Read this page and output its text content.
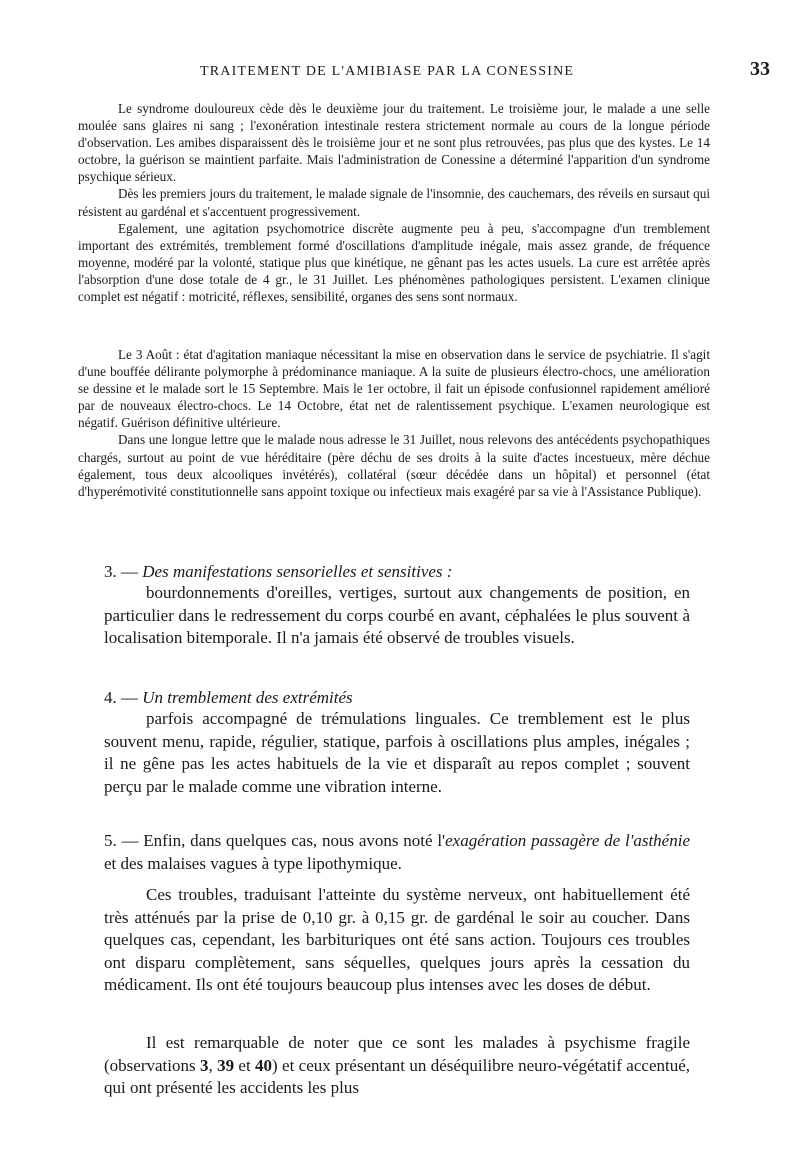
TRAITEMENT DE L'AMIBIASE PAR LA CONESSINE	33

Le syndrome douloureux cède dès le deuxième jour du traitement. Le troisième jour, le malade a une selle moulée sans glaires ni sang ; l'exonération intestinale restera strictement normale au cours de la longue période d'observation. Les amibes disparaissent dès le troisième jour et ne sont plus retrouvées, pas plus que des kystes. Le 14 octobre, la guérison se maintient parfaite. Mais l'administration de Conessine a déterminé l'apparition d'un syndrome psychique sérieux.

Dès les premiers jours du traitement, le malade signale de l'insomnie, des cauchemars, des réveils en sursaut qui résistent au gardénal et s'accentuent progressivement.

Egalement, une agitation psychomotrice discrète augmente peu à peu, s'accompagne d'un tremblement important des extrémités, tremblement formé d'oscillations d'amplitude inégale, mais assez grande, de fréquence moyenne, modéré par la volonté, statique plus que kinétique, ne gênant pas les actes usuels. La cure est arrêtée après l'absorption d'une dose totale de 4 gr., le 31 Juillet. Les phénomènes pathologiques persistent. L'examen clinique complet est négatif : motricité, réflexes, sensibilité, organes des sens sont normaux.

Le 3 Août : état d'agitation maniaque nécessitant la mise en observation dans le service de psychiatrie. Il s'agit d'une bouffée délirante polymorphe à prédominance maniaque. A la suite de plusieurs électro-chocs, une amélioration se dessine et le malade sort le 15 Septembre. Mais le 1er octobre, il fait un épisode confusionnel rapidement amélioré par de nouveaux électro-chocs. Le 14 Octobre, état net de ralentissement psychique. L'examen neurologique est négatif. Guérison définitive ultérieure.

Dans une longue lettre que le malade nous adresse le 31 Juillet, nous relevons des antécédents psychopathiques chargés, surtout au point de vue héréditaire (père déchu de ses droits à la suite d'actes incestueux, mère déchue également, tous deux alcooliques invétérés), collatéral (sœur décédée dans un hôpital) et personnel (état d'hyperémotivité constitutionnelle sans appoint toxique ou infectieux mais exagéré par sa vie à l'Assistance Publique).

3. — Des manifestations sensorielles et sensitives :
bourdonnements d'oreilles, vertiges, surtout aux changements de position, en particulier dans le redressement du corps courbé en avant, céphalées le plus souvent à localisation bitemporale. Il n'a jamais été observé de troubles visuels.
4. — Un tremblement des extrémités
parfois accompagné de trémulations linguales. Ce tremblement est le plus souvent menu, rapide, régulier, statique, parfois à oscillations plus amples, inégales ; il ne gêne pas les actes habituels de la vie et disparaît au repos complet ; souvent perçu par le malade comme une vibration interne.
5. — Enfin, dans quelques cas, nous avons noté l'exagération passagère de l'asthénie et des malaises vagues à type lipothymique.

Ces troubles, traduisant l'atteinte du système nerveux, ont habituellement été très atténués par la prise de 0,10 gr. à 0,15 gr. de gardénal le soir au coucher. Dans quelques cas, cependant, les barbituriques ont été sans action. Toujours ces troubles ont disparu complètement, sans séquelles, quelques jours après la cessation du médicament. Ils ont été toujours beaucoup plus intenses avec les doses de début.

Il est remarquable de noter que ce sont les malades à psychisme fragile (observations 3, 39 et 40) et ceux présentant un déséquilibre neuro-végétatif accentué, qui ont présenté les accidents les plus
